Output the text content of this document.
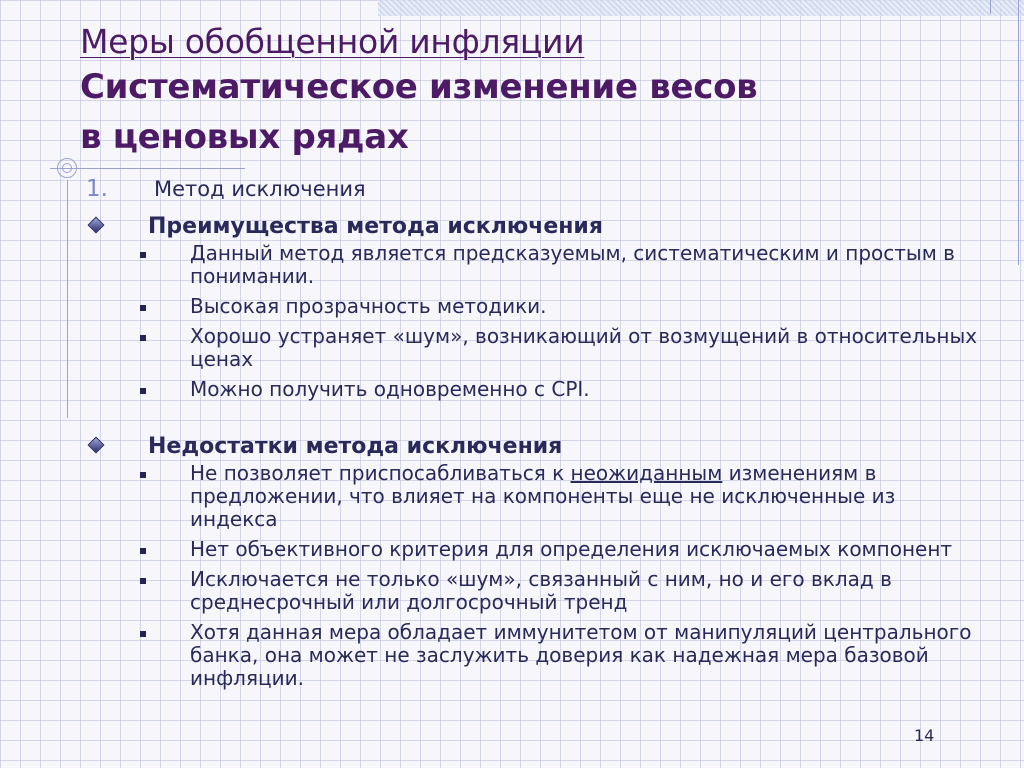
Меры обобщенной инфляции
Систематическое изменение весов
в ценовых рядах
1.	Метод исключения
Преимущества метода исключения
Данный метод является предсказуемым, систематическим и простым в понимании.
Высокая прозрачность методики.
Хорошо устраняет «шум», возникающий от возмущений в относительных ценах
Можно получить одновременно с CPI.
Недостатки метода исключения
Не позволяет приспосабливаться к неожиданным изменениям в предложении, что влияет на компоненты еще не исключенные из индекса
Нет объективного критерия для определения исключаемых компонент
Исключается не только «шум», связанный с ним, но и его вклад в среднесрочный или долгосрочный тренд
Хотя данная мера обладает иммунитетом от манипуляций центрального банка, она может не заслужить доверия как надежная мера базовой инфляции.
14
